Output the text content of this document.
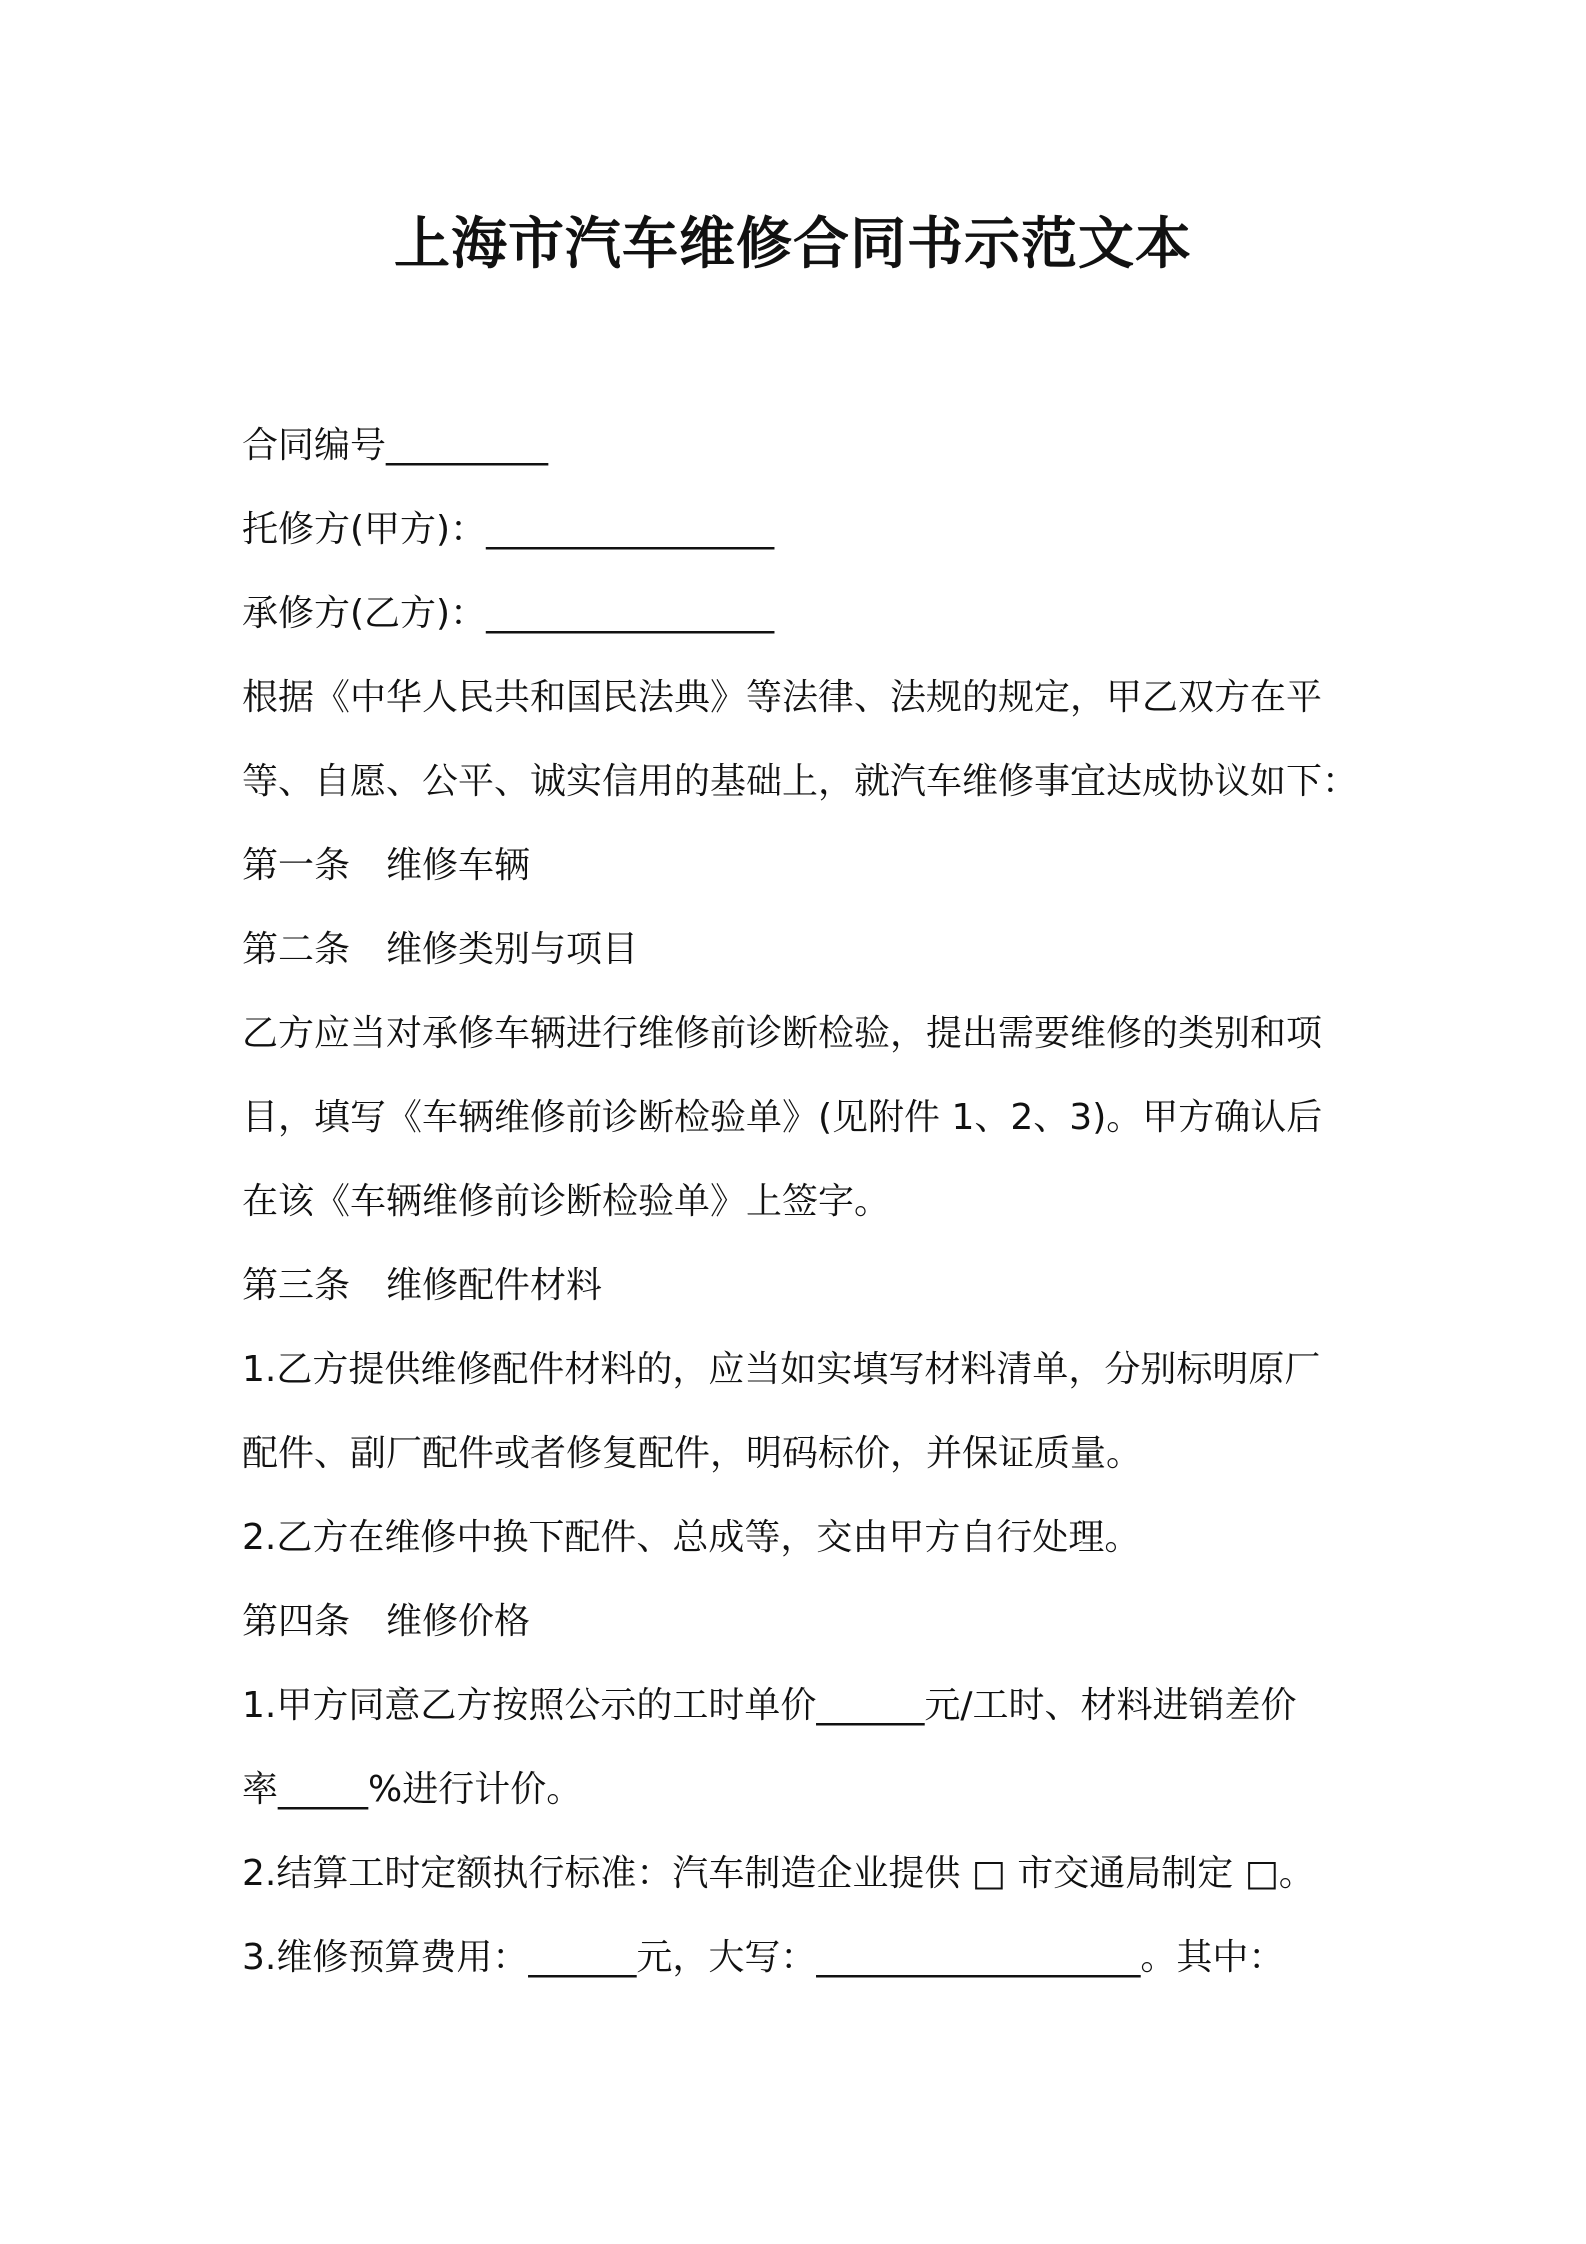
上海市汽车维修合同书示范文本
合同编号_________
托修方(甲方)：________________
承修方(乙方)：________________
根据《中华人民共和国民法典》等法律、法规的规定，甲乙双方在平
等、自愿、公平、诚实信用的基础上，就汽车维修事宜达成协议如下：
第一条　维修车辆
第二条　维修类别与项目
乙方应当对承修车辆进行维修前诊断检验，提出需要维修的类别和项
目，填写《车辆维修前诊断检验单》(见附件 1、2、3)。甲方确认后
在该《车辆维修前诊断检验单》上签字。
第三条　维修配件材料
1.乙方提供维修配件材料的，应当如实填写材料清单，分别标明原厂
配件、副厂配件或者修复配件，明码标价，并保证质量。
2.乙方在维修中换下配件、总成等，交由甲方自行处理。
第四条　维修价格
1.甲方同意乙方按照公示的工时单价______元/工时、材料进销差价
率_____%进行计价。
2.结算工时定额执行标准：汽车制造企业提供 □ 市交通局制定 □。
3.维修预算费用：______元，大写：__________________。其中：
